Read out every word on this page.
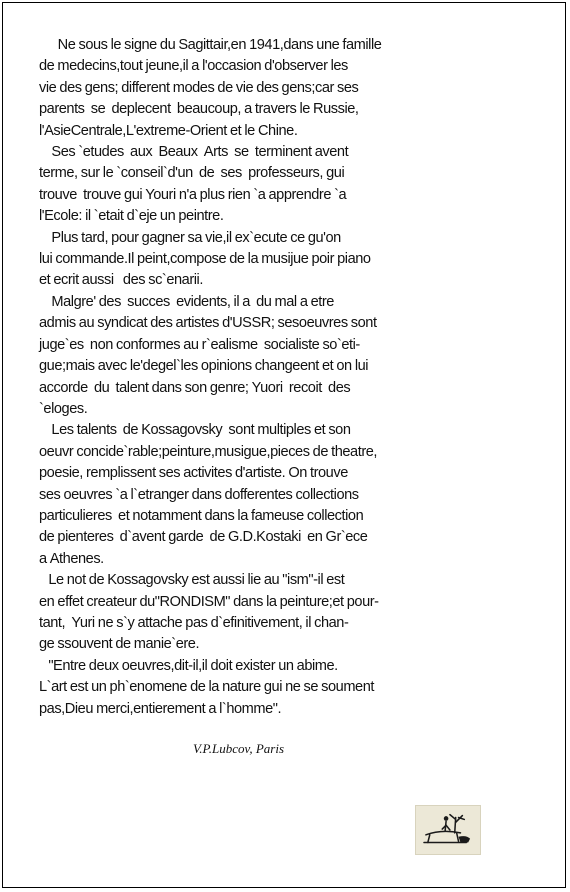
Ne sous le signe du Sagittair,en 1941,dans une famille
de medecins,tout jeune,il a l'occasion d'observer les
vie des gens; different modes de vie des gens;car ses
parents  se  deplecent  beaucoup, a travers le Russie,
l'AsieCentrale,L'extreme-Orient et le Chine.
Ses `etudes  aux  Beaux  Arts  se  terminent avent
terme, sur le `conseil`d'un  de  ses  professeurs, gui
trouve  trouve gui Youri n'a plus rien `a apprendre `a
l'Ecole: il `etait d`eje un peintre.
Plus tard, pour gagner sa vie,il ex`ecute ce gu'on
lui commande.Il peint,compose de la musijue poir piano
et ecrit aussi   des sc`enarii.
Malgre' des  succes  evidents, il a  du mal a etre
admis au syndicat des artistes d'USSR; sesoeuvres sont
juge`es  non conformes au r`ealisme  socialiste so`eti-
gue;mais avec le'degel`les opinions changeent et on lui
accorde  du  talent dans son genre; Yuori  recoit  des
`eloges.
Les talents  de Kossagovsky  sont multiples et son
oeuvr concide`rable;peinture,musigue,pieces de theatre,
poesie, remplissent ses activites d'artiste. On trouve
ses oeuvres `a l`etranger dans dofferentes collections
particulieres  et notamment dans la fameuse collection
de pienteres  d`avent garde  de G.D.Kostaki  en Gr`ece
a Athenes.
Le not de Kossagovsky est aussi lie au "ism"-il est
en effet createur du"RONDISM" dans la peinture;et pour-
tant,  Yuri ne s`y attache pas d`efinitivement, il chan-
ge ssouvent de manie`ere.
"Entre deux oeuvres,dit-il,il doit exister un abime.
L`art est un ph`enomene de la nature gui ne se soument
pas,Dieu merci,entierement a l`homme".
V.P.Lubcov, Paris
